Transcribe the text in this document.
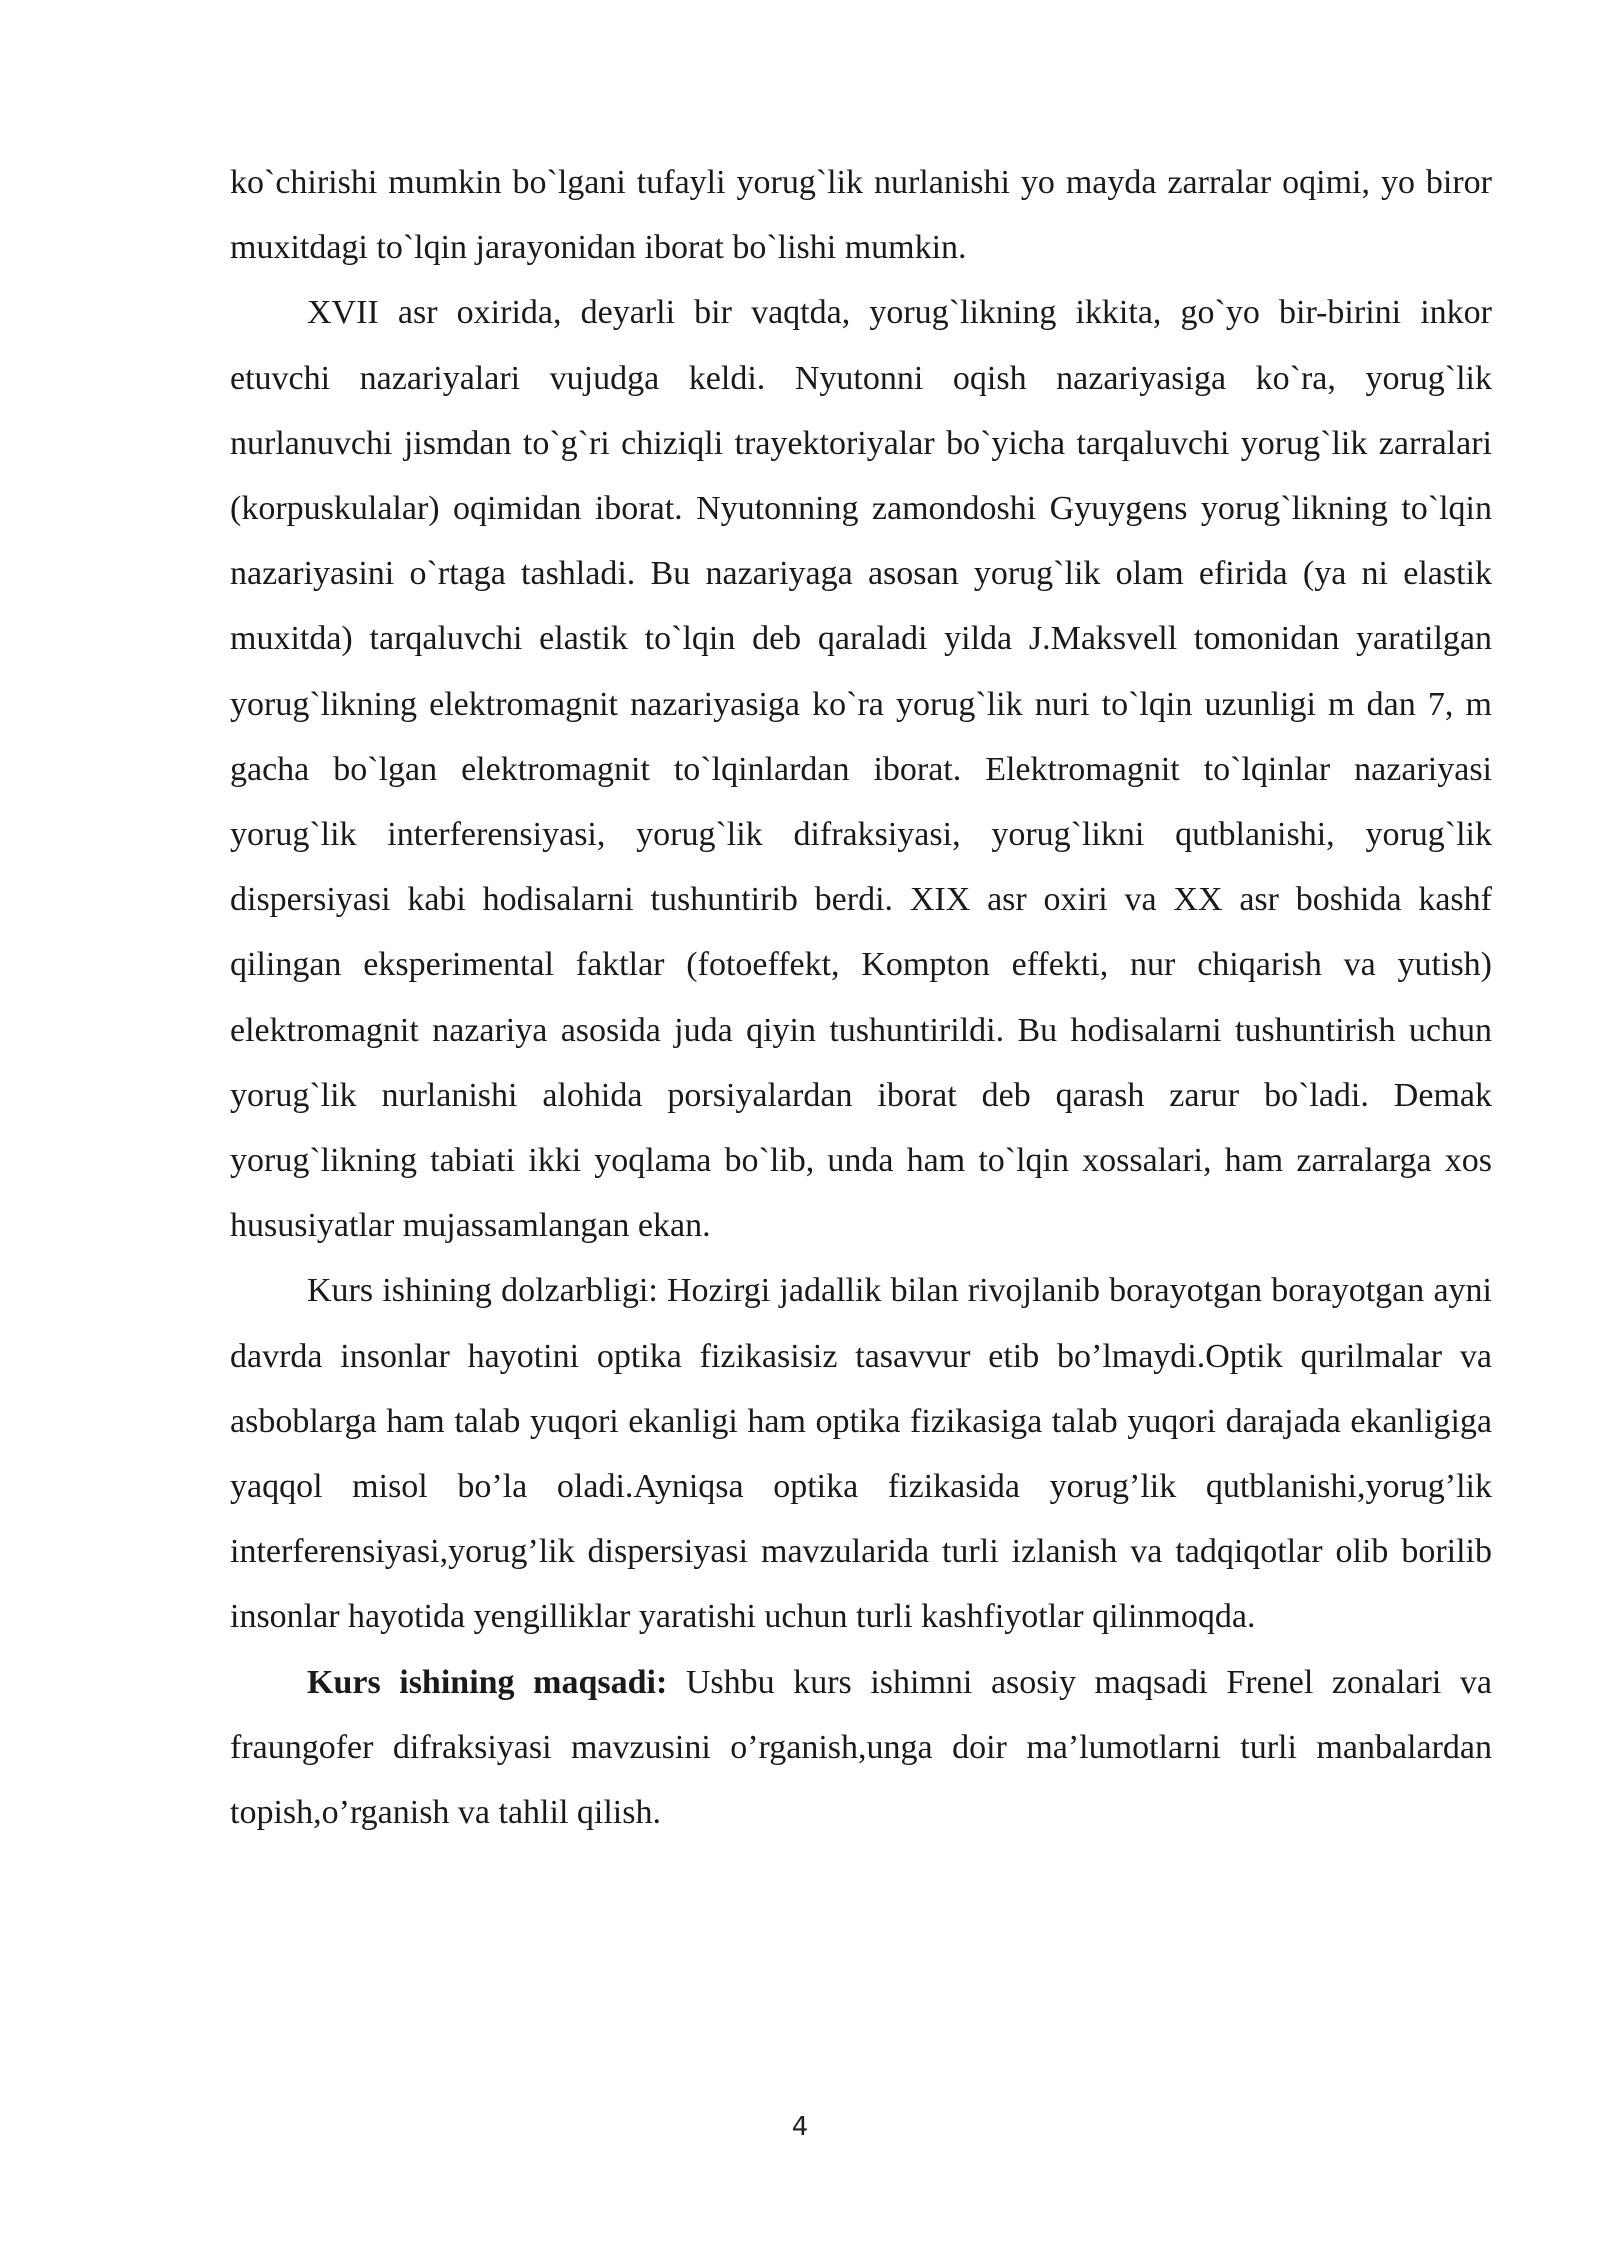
ko`chirishi mumkin bo`lgani tufayli yorug`lik nurlanishi yo mayda zarralar oqimi, yo biror muxitdagi to`lqin jarayonidan iborat bo`lishi mumkin.

XVII asr oxirida, deyarli bir vaqtda, yorug`likning ikkita, go`yo bir-birini inkor etuvchi nazariyalari vujudga keldi. Nyutonni oqish nazariyasiga ko`ra, yorug`lik nurlanuvchi jismdan to`g`ri chiziqli trayektoriyalar bo`yicha tarqaluvchi yorug`lik zarralari (korpuskulalar) oqimidan iborat. Nyutonning zamondoshi Gyuygens yorug`likning to`lqin nazariyasini o`rtaga tashladi. Bu nazariyaga asosan yorug`lik olam efirida (ya ni elastik muxitda) tarqaluvchi elastik to`lqin deb qaraladi yilda J.Maksvell tomonidan yaratilgan yorug`likning elektromagnit nazariyasiga ko`ra yorug`lik nuri to`lqin uzunligi m dan 7, m gacha bo`lgan elektromagnit to`lqinlardan iborat. Elektromagnit to`lqinlar nazariyasi yorug`lik interferensiyasi, yorug`lik difraksiyasi, yorug`likni qutblanishi, yorug`lik dispersiyasi kabi hodisalarni tushuntirib berdi. XIX asr oxiri va XX asr boshida kashf qilingan eksperimental faktlar (fotoeffekt, Kompton effekti, nur chiqarish va yutish) elektromagnit nazariya asosida juda qiyin tushuntirildi. Bu hodisalarni tushuntirish uchun yorug`lik nurlanishi alohida porsiyalardan iborat deb qarash zarur bo`ladi. Demak yorug`likning tabiati ikki yoqlama bo`lib, unda ham to`lqin xossalari, ham zarralarga xos hususiyatlar mujassamlangan ekan.

Kurs ishining dolzarbligi: Hozirgi jadallik bilan rivojlanib borayotgan borayotgan ayni davrda insonlar hayotini optika fizikasisiz tasavvur etib bo’lmaydi.Optik qurilmalar va asboblarga ham talab yuqori ekanligi ham optika fizikasiga talab yuqori darajada ekanligiga yaqqol misol bo’la oladi.Ayniqsa optika fizikasida yorug’lik qutblanishi,yorug’lik interferensiyasi,yorug’lik dispersiyasi mavzularida turli izlanish va tadqiqotlar olib borilib insonlar hayotida yengilliklar yaratishi uchun turli kashfiyotlar qilinmoqda.

Kurs ishining maqsadi: Ushbu kurs ishimni asosiy maqsadi Frenel zonalari va fraungofer difraksiyasi mavzusini o’rganish,unga doir ma’lumotlarni turli manbalardan topish,o’rganish va tahlil qilish.

4
